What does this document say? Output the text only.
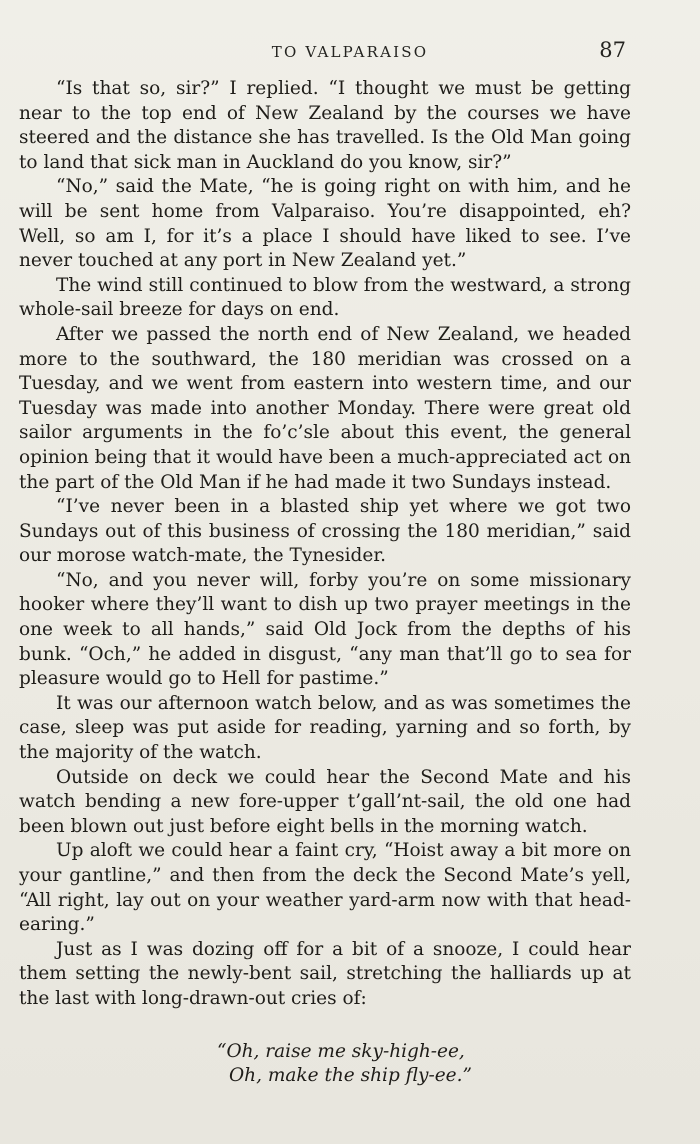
TO VALPARAISO	87

“Is that so, sir?” I replied. “I thought we must be getting near to the top end of New Zealand by the courses we have steered and the distance she has travelled. Is the Old Man going to land that sick man in Auckland do you know, sir?”

“No,” said the Mate, “he is going right on with him, and he will be sent home from Valparaiso. You’re disappointed, eh? Well, so am I, for it’s a place I should have liked to see. I’ve never touched at any port in New Zealand yet.”

The wind still continued to blow from the westward, a strong whole-sail breeze for days on end.

After we passed the north end of New Zealand, we headed more to the southward, the 180 meridian was crossed on a Tuesday, and we went from eastern into western time, and our Tuesday was made into another Monday. There were great old sailor arguments in the fo’c’sle about this event, the general opinion being that it would have been a much-appreciated act on the part of the Old Man if he had made it two Sundays instead.

“I’ve never been in a blasted ship yet where we got two Sundays out of this business of crossing the 180 meridian,” said our morose watch-mate, the Tynesider.

“No, and you never will, forby you’re on some missionary hooker where they’ll want to dish up two prayer meetings in the one week to all hands,” said Old Jock from the depths of his bunk. “Och,” he added in disgust, “any man that’ll go to sea for pleasure would go to Hell for pastime.”

It was our afternoon watch below, and as was sometimes the case, sleep was put aside for reading, yarning and so forth, by the majority of the watch.

Outside on deck we could hear the Second Mate and his watch bending a new fore-upper t’gall’nt-sail, the old one had been blown out just before eight bells in the morning watch.

Up aloft we could hear a faint cry, “Hoist away a bit more on your gantline,” and then from the deck the Second Mate’s yell, “All right, lay out on your weather yard-arm now with that head-earing.”

Just as I was dozing off for a bit of a snooze, I could hear them setting the newly-bent sail, stretching the halliards up at the last with long-drawn-out cries of:

“Oh, raise me sky-high-ee,
Oh, make the ship fly-ee.”
